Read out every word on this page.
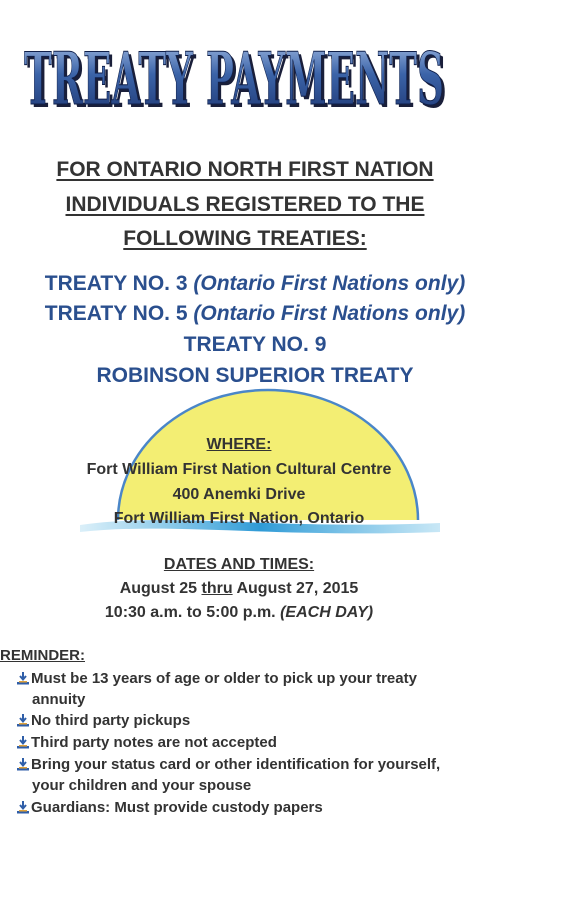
TREATY PAYMENTS
TREATY PAYMENTS
FOR ONTARIO NORTH FIRST NATION
INDIVIDUALS REGISTERED TO THE
FOLLOWING TREATIES:
TREATY NO. 3 (Ontario First Nations only)
TREATY NO. 5 (Ontario First Nations only)
TREATY NO. 9
ROBINSON SUPERIOR TREATY
WHERE:
Fort William First Nation Cultural Centre
400 Anemki Drive
Fort William First Nation, Ontario
DATES AND TIMES:
August 25 thru August 27, 2015
10:30 a.m. to 5:00 p.m. (EACH DAY)
REMINDER:
Must be 13 years of age or older to pick up your treaty
annuity
No third party pickups
Third party notes are not accepted
Bring your status card or other identification for yourself,
your children and your spouse
Guardians: Must provide custody papers
